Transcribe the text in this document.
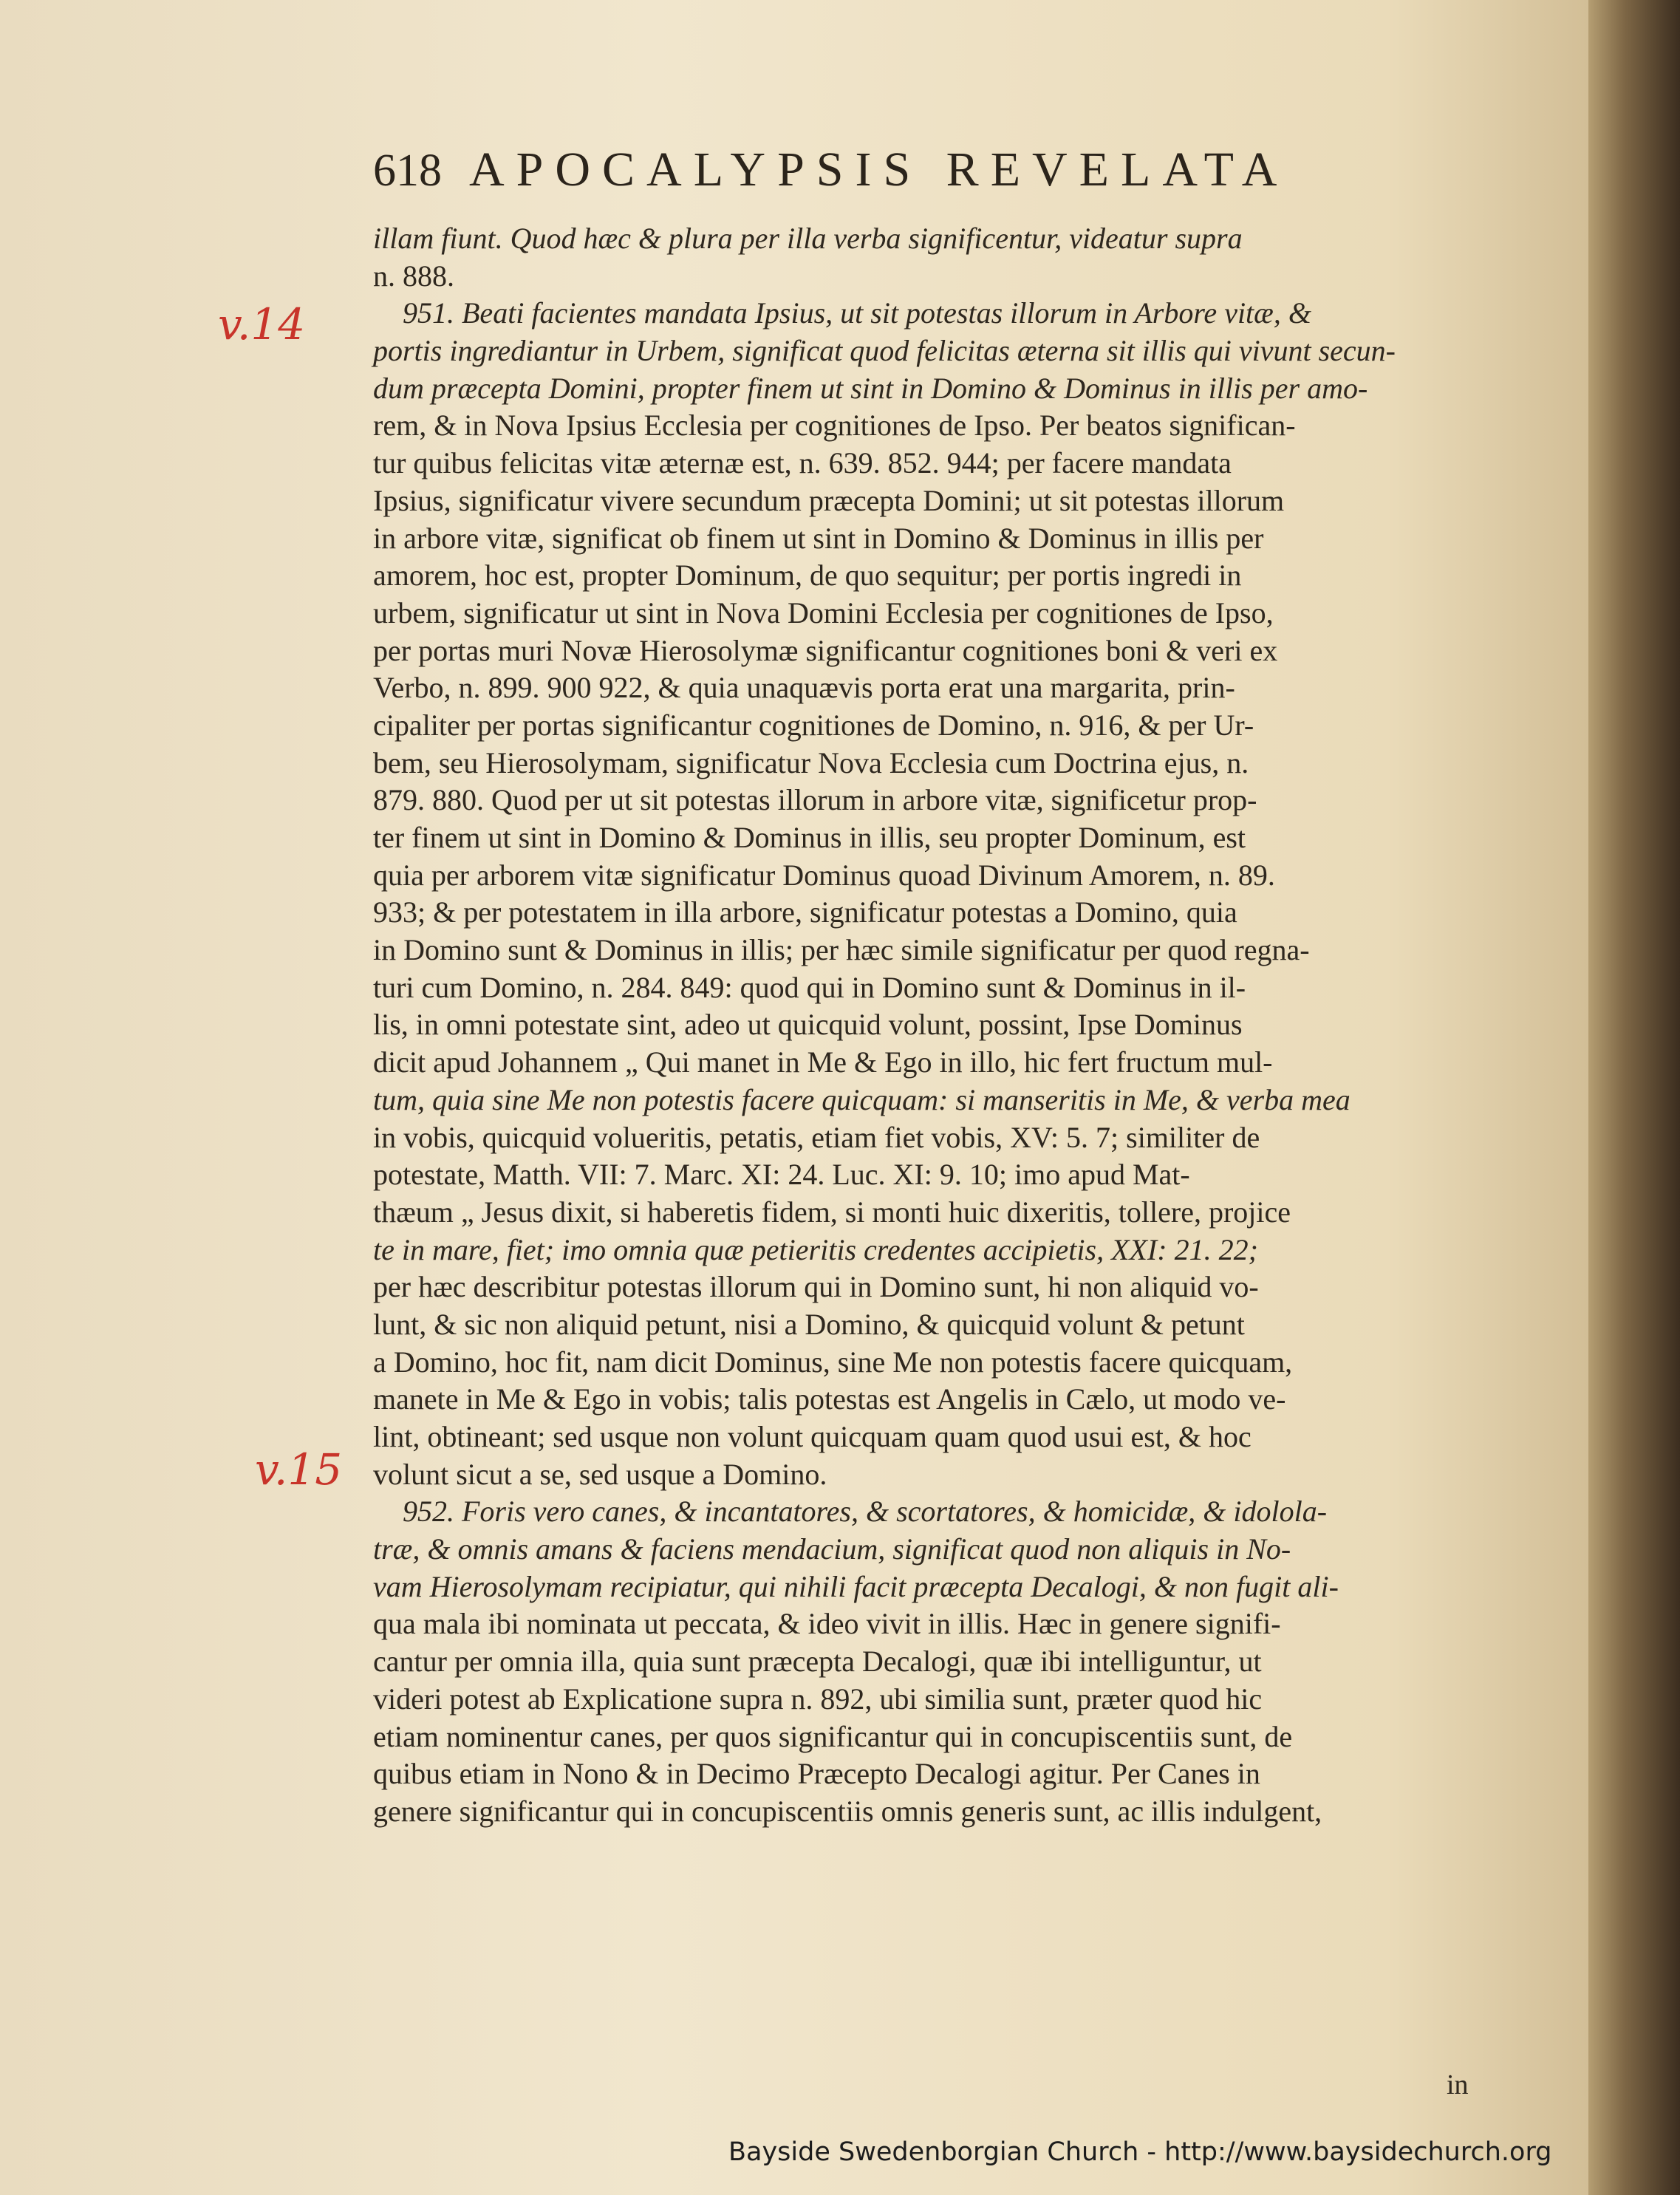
618 APOCALYPSIS REVELATA
v.14
v.15
illam fiunt. Quod hæc & plura per illa verba significentur, videatur supra
n. 888.
951. Beati facientes mandata Ipsius, ut sit potestas illorum in Arbore vitæ, &
portis ingrediantur in Urbem, significat quod felicitas æterna sit illis qui vivunt secun-
dum præcepta Domini, propter finem ut sint in Domino & Dominus in illis per amo-
rem, & in Nova Ipsius Ecclesia per cognitiones de Ipso. Per beatos significan-
tur quibus felicitas vitæ æternæ est, n. 639. 852. 944; per facere mandata
Ipsius, significatur vivere secundum præcepta Domini; ut sit potestas illorum
in arbore vitæ, significat ob finem ut sint in Domino & Dominus in illis per
amorem, hoc est, propter Dominum, de quo sequitur; per portis ingredi in
urbem, significatur ut sint in Nova Domini Ecclesia per cognitiones de Ipso,
per portas muri Novæ Hierosolymæ significantur cognitiones boni & veri ex
Verbo, n. 899. 900 922, & quia unaquævis porta erat una margarita, prin-
cipaliter per portas significantur cognitiones de Domino, n. 916, & per Ur-
bem, seu Hierosolymam, significatur Nova Ecclesia cum Doctrina ejus, n.
879. 880. Quod per ut sit potestas illorum in arbore vitæ, significetur prop-
ter finem ut sint in Domino & Dominus in illis, seu propter Dominum, est
quia per arborem vitæ significatur Dominus quoad Divinum Amorem, n. 89.
933; & per potestatem in illa arbore, significatur potestas a Domino, quia
in Domino sunt & Dominus in illis; per hæc simile significatur per quod regna-
turi cum Domino, n. 284. 849: quod qui in Domino sunt & Dominus in il-
lis, in omni potestate sint, adeo ut quicquid volunt, possint, Ipse Dominus
dicit apud Johannem „ Qui manet in Me & Ego in illo, hic fert fructum mul-
tum, quia sine Me non potestis facere quicquam: si manseritis in Me, & verba mea
in vobis, quicquid volueritis, petatis, etiam fiet vobis, XV: 5. 7; similiter de
potestate, Matth. VII: 7. Marc. XI: 24. Luc. XI: 9. 10; imo apud Mat-
thæum „ Jesus dixit, si haberetis fidem, si monti huic dixeritis, tollere, projice
te in mare, fiet; imo omnia quæ petieritis credentes accipietis, XXI: 21. 22;
per hæc describitur potestas illorum qui in Domino sunt, hi non aliquid vo-
lunt, & sic non aliquid petunt, nisi a Domino, & quicquid volunt & petunt
a Domino, hoc fit, nam dicit Dominus, sine Me non potestis facere quicquam,
manete in Me & Ego in vobis; talis potestas est Angelis in Cælo, ut modo ve-
lint, obtineant; sed usque non volunt quicquam quam quod usui est, & hoc
volunt sicut a se, sed usque a Domino.
952. Foris vero canes, & incantatores, & scortatores, & homicidæ, & idolola-
træ, & omnis amans & faciens mendacium, significat quod non aliquis in No-
vam Hierosolymam recipiatur, qui nihili facit præcepta Decalogi, & non fugit ali-
qua mala ibi nominata ut peccata, & ideo vivit in illis. Hæc in genere signifi-
cantur per omnia illa, quia sunt præcepta Decalogi, quæ ibi intelliguntur, ut
videri potest ab Explicatione supra n. 892, ubi similia sunt, præter quod hic
etiam nominentur canes, per quos significantur qui in concupiscentiis sunt, de
quibus etiam in Nono & in Decimo Præcepto Decalogi agitur. Per Canes in
genere significantur qui in concupiscentiis omnis generis sunt, ac illis indulgent,
in
Bayside Swedenborgian Church - http://www.baysidechurch.org
